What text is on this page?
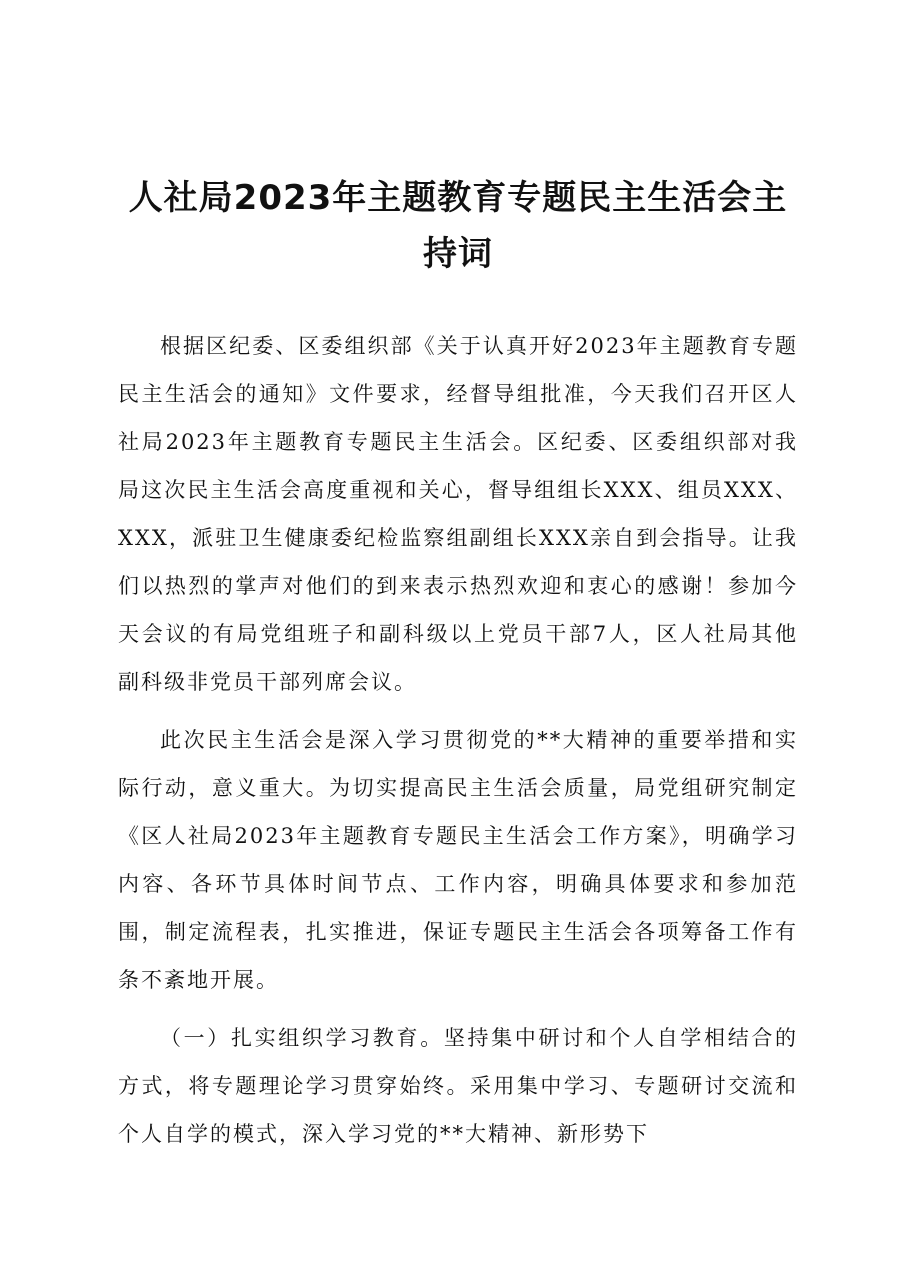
人社局2023年主题教育专题民主生活会主持词

根据区纪委、区委组织部《关于认真开好2023年主题教育专题民主生活会的通知》文件要求，经督导组批准，今天我们召开区人社局2023年主题教育专题民主生活会。区纪委、区委组织部对我局这次民主生活会高度重视和关心，督导组组长XXX、组员XXX、XXX，派驻卫生健康委纪检监察组副组长XXX亲自到会指导。让我们以热烈的掌声对他们的到来表示热烈欢迎和衷心的感谢！参加今天会议的有局党组班子和副科级以上党员干部7人，区人社局其他副科级非党员干部列席会议。

此次民主生活会是深入学习贯彻党的**大精神的重要举措和实际行动，意义重大。为切实提高民主生活会质量，局党组研究制定《区人社局2023年主题教育专题民主生活会工作方案》，明确学习内容、各环节具体时间节点、工作内容，明确具体要求和参加范围，制定流程表，扎实推进，保证专题民主生活会各项筹备工作有条不紊地开展。

（一）扎实组织学习教育。坚持集中研讨和个人自学相结合的方式，将专题理论学习贯穿始终。采用集中学习、专题研讨交流和个人自学的模式，深入学习党的**大精神、新形势下
